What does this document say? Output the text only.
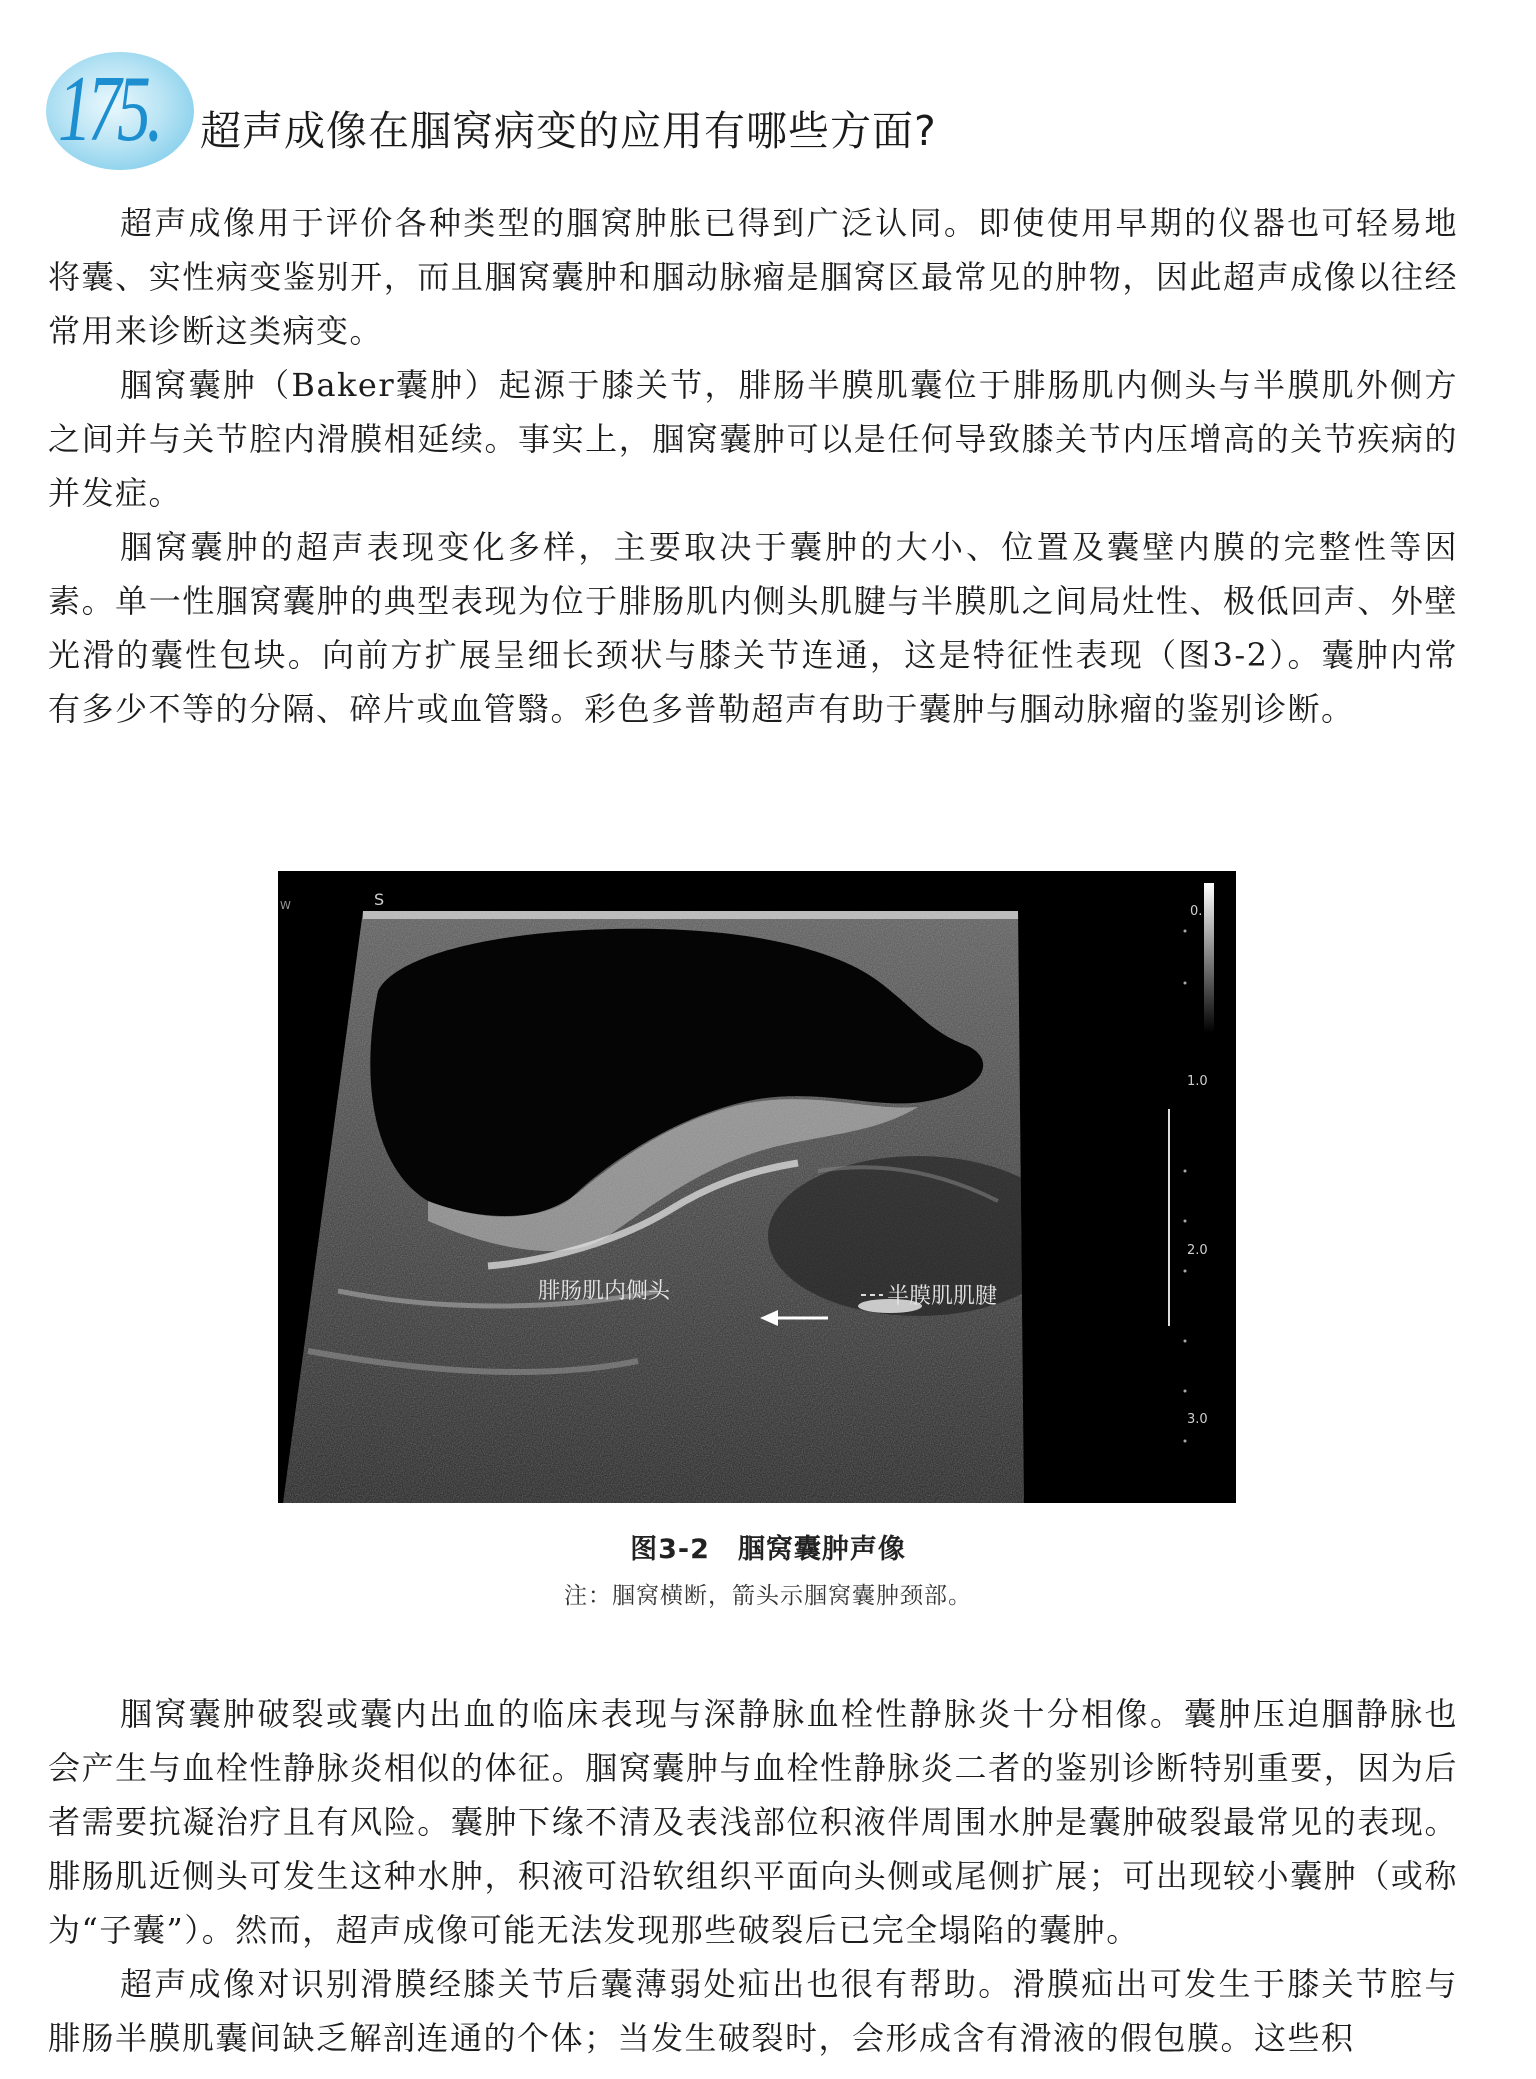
175. 超声成像在腘窝病变的应用有哪些方面?

超声成像用于评价各种类型的腘窝肿胀已得到广泛认同。即使使用早期的仪器也可轻易地将囊、实性病变鉴别开，而且腘窝囊肿和腘动脉瘤是腘窝区最常见的肿物，因此超声成像以往经常用来诊断这类病变。

腘窝囊肿（Baker囊肿）起源于膝关节，腓肠半膜肌囊位于腓肠肌内侧头与半膜肌外侧方之间并与关节腔内滑膜相延续。事实上，腘窝囊肿可以是任何导致膝关节内压增高的关节疾病的并发症。

腘窝囊肿的超声表现变化多样，主要取决于囊肿的大小、位置及囊壁内膜的完整性等因素。单一性腘窝囊肿的典型表现为位于腓肠肌内侧头肌腱与半膜肌之间局灶性、极低回声、外壁光滑的囊性包块。向前方扩展呈细长颈状与膝关节连通，这是特征性表现（图3-2）。囊肿内常有多少不等的分隔、碎片或血管翳。彩色多普勒超声有助于囊肿与腘动脉瘤的鉴别诊断。

0.
1.0
2.0
3.0
W	S
腓肠肌内侧头	半膜肌肌腱
图3-2　腘窝囊肿声像
注：腘窝横断，箭头示腘窝囊肿颈部。

腘窝囊肿破裂或囊内出血的临床表现与深静脉血栓性静脉炎十分相像。囊肿压迫腘静脉也会产生与血栓性静脉炎相似的体征。腘窝囊肿与血栓性静脉炎二者的鉴别诊断特别重要，因为后者需要抗凝治疗且有风险。囊肿下缘不清及表浅部位积液伴周围水肿是囊肿破裂最常见的表现。腓肠肌近侧头可发生这种水肿，积液可沿软组织平面向头侧或尾侧扩展；可出现较小囊肿（或称为“子囊”）。然而，超声成像可能无法发现那些破裂后已完全塌陷的囊肿。

超声成像对识别滑膜经膝关节后囊薄弱处疝出也很有帮助。滑膜疝出可发生于膝关节腔与腓肠半膜肌囊间缺乏解剖连通的个体；当发生破裂时，会形成含有滑液的假包膜。这些积
